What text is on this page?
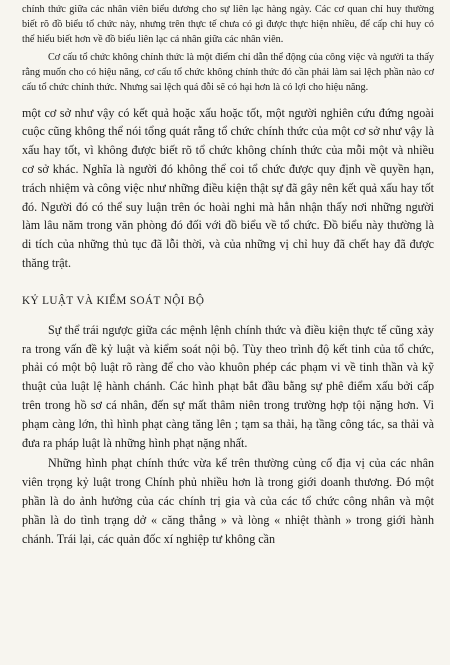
chính thức giữa các nhân viên biểu dương cho sự liên lạc hàng ngày. Các cơ quan chỉ huy thường biết rõ đồ biểu tổ chức này, nhưng trên thực tế chưa có gì được thực hiện nhiều, để cấp chỉ huy có thể hiểu biết hơn về đồ biểu liên lạc cá nhân giữa các nhân viên.
Cơ cấu tổ chức không chính thức là một điểm chỉ dẫn thể động của công việc và người ta thấy rằng muốn cho có hiệu năng, cơ cấu tổ chức không chính thức đó cần phải làm sai lệch phần nào cơ cấu tổ chức chính thức. Nhưng sai lệch quá đỗi sẽ có hại hơn là có lợi cho hiệu năng.
một cơ sở như vậy có kết quả hoặc xấu hoặc tốt, một người nghiên cứu đứng ngoài cuộc cũng không thể nói tổng quát rằng tổ chức chính thức của một cơ sở như vậy là xấu hay tốt, vì không được biết rõ tổ chức không chính thức của mỗi một và nhiều cơ sở khác. Nghĩa là người đó không thể coi tổ chức được quy định về quyền hạn, trách nhiệm và công việc như những điều kiện thật sự đã gây nên kết quả xấu hay tốt đó. Người đó có thể suy luận trên óc hoài nghi mà hẳn nhận thấy nơi những người làm lâu năm trong văn phòng đó đối với đồ biểu về tổ chức. Đồ biểu này thường là di tích của những thủ tục đã lỗi thời, và của những vị chỉ huy đã chết hay đã được thăng trật.
KỶ LUẬT VÀ KIỂM SOÁT NỘI BỘ
Sự thể trái ngược giữa các mệnh lệnh chính thức và điều kiện thực tế cũng xảy ra trong vấn đề kỷ luật và kiểm soát nội bộ. Tùy theo trình độ kết tinh của tổ chức, phải có một bộ luật rõ ràng để cho vào khuôn phép các phạm vi về tinh thần và kỹ thuật của luật lệ hành chánh. Các hình phạt bắt đầu bằng sự phê điểm xấu bởi cấp trên trong hồ sơ cá nhân, đến sự mất thâm niên trong trường hợp tội nặng hơn. Vi phạm càng lớn, thì hình phạt càng tăng lên ; tạm sa thải, hạ tầng công tác, sa thải và đưa ra pháp luật là những hình phạt nặng nhất.
Những hình phạt chính thức vừa kể trên thường củng cố địa vị của các nhân viên trọng kỷ luật trong Chính phủ nhiều hơn là trong giới doanh thương. Đó một phần là do ảnh hưởng của các chính trị gia và của các tổ chức công nhân và một phần là do tình trạng dở « căng thẳng » và lòng « nhiệt thành » trong giới hành chánh. Trái lại, các quản đốc xí nghiệp tư không cần
